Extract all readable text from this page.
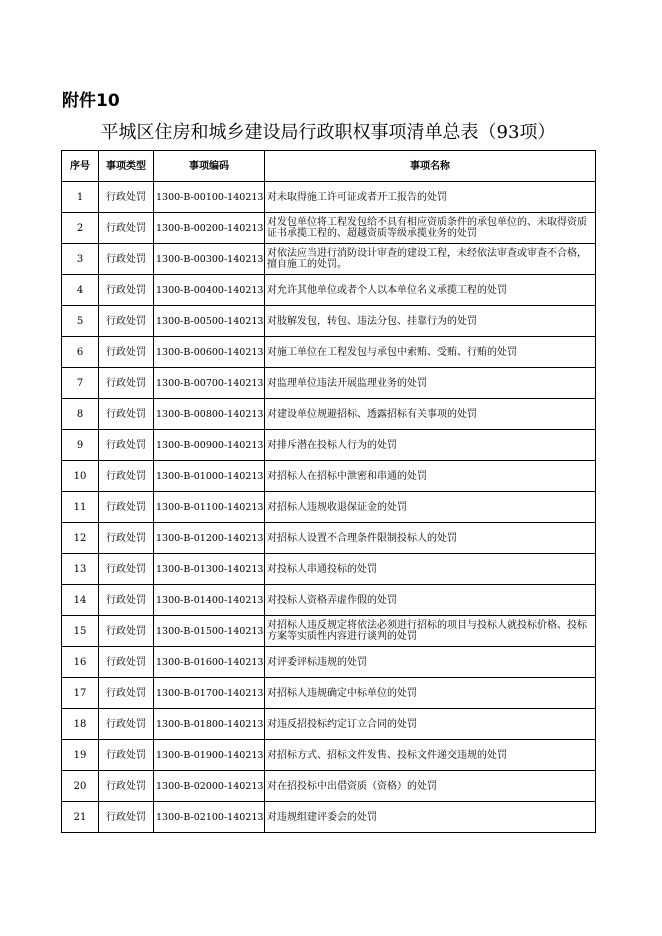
附件10
平城区住房和城乡建设局行政职权事项清单总表（93项）
序号	事项类型	事项编码	事项名称
1	行政处罚	1300-B-00100-140213	对未取得施工许可证或者开工报告的处罚
2	行政处罚	1300-B-00200-140213	对发包单位将工程发包给不具有相应资质条件的承包单位的、未取得资质证书承揽工程的、超越资质等级承揽业务的处罚
3	行政处罚	1300-B-00300-140213	对依法应当进行消防设计审查的建设工程，未经依法审查或审查不合格，擅自施工的处罚。
4	行政处罚	1300-B-00400-140213	对允许其他单位或者个人以本单位名义承揽工程的处罚
5	行政处罚	1300-B-00500-140213	对肢解发包，转包、违法分包、挂靠行为的处罚
6	行政处罚	1300-B-00600-140213	对施工单位在工程发包与承包中索贿、受贿、行贿的处罚
7	行政处罚	1300-B-00700-140213	对监理单位违法开展监理业务的处罚
8	行政处罚	1300-B-00800-140213	对建设单位规避招标、透露招标有关事项的处罚
9	行政处罚	1300-B-00900-140213	对排斥潜在投标人行为的处罚
10	行政处罚	1300-B-01000-140213	对招标人在招标中泄密和串通的处罚
11	行政处罚	1300-B-01100-140213	对招标人违规收退保证金的处罚
12	行政处罚	1300-B-01200-140213	对招标人设置不合理条件限制投标人的处罚
13	行政处罚	1300-B-01300-140213	对投标人串通投标的处罚
14	行政处罚	1300-B-01400-140213	对投标人资格弄虚作假的处罚
15	行政处罚	1300-B-01500-140213	对招标人违反规定将依法必须进行招标的项目与投标人就投标价格、投标方案等实质性内容进行谈判的处罚
16	行政处罚	1300-B-01600-140213	对评委评标违规的处罚
17	行政处罚	1300-B-01700-140213	对招标人违规确定中标单位的处罚
18	行政处罚	1300-B-01800-140213	对违反招投标约定订立合同的处罚
19	行政处罚	1300-B-01900-140213	对招标方式、招标文件发售、投标文件递交违规的处罚
20	行政处罚	1300-B-02000-140213	对在招投标中出借资质（资格）的处罚
21	行政处罚	1300-B-02100-140213	对违规组建评委会的处罚
